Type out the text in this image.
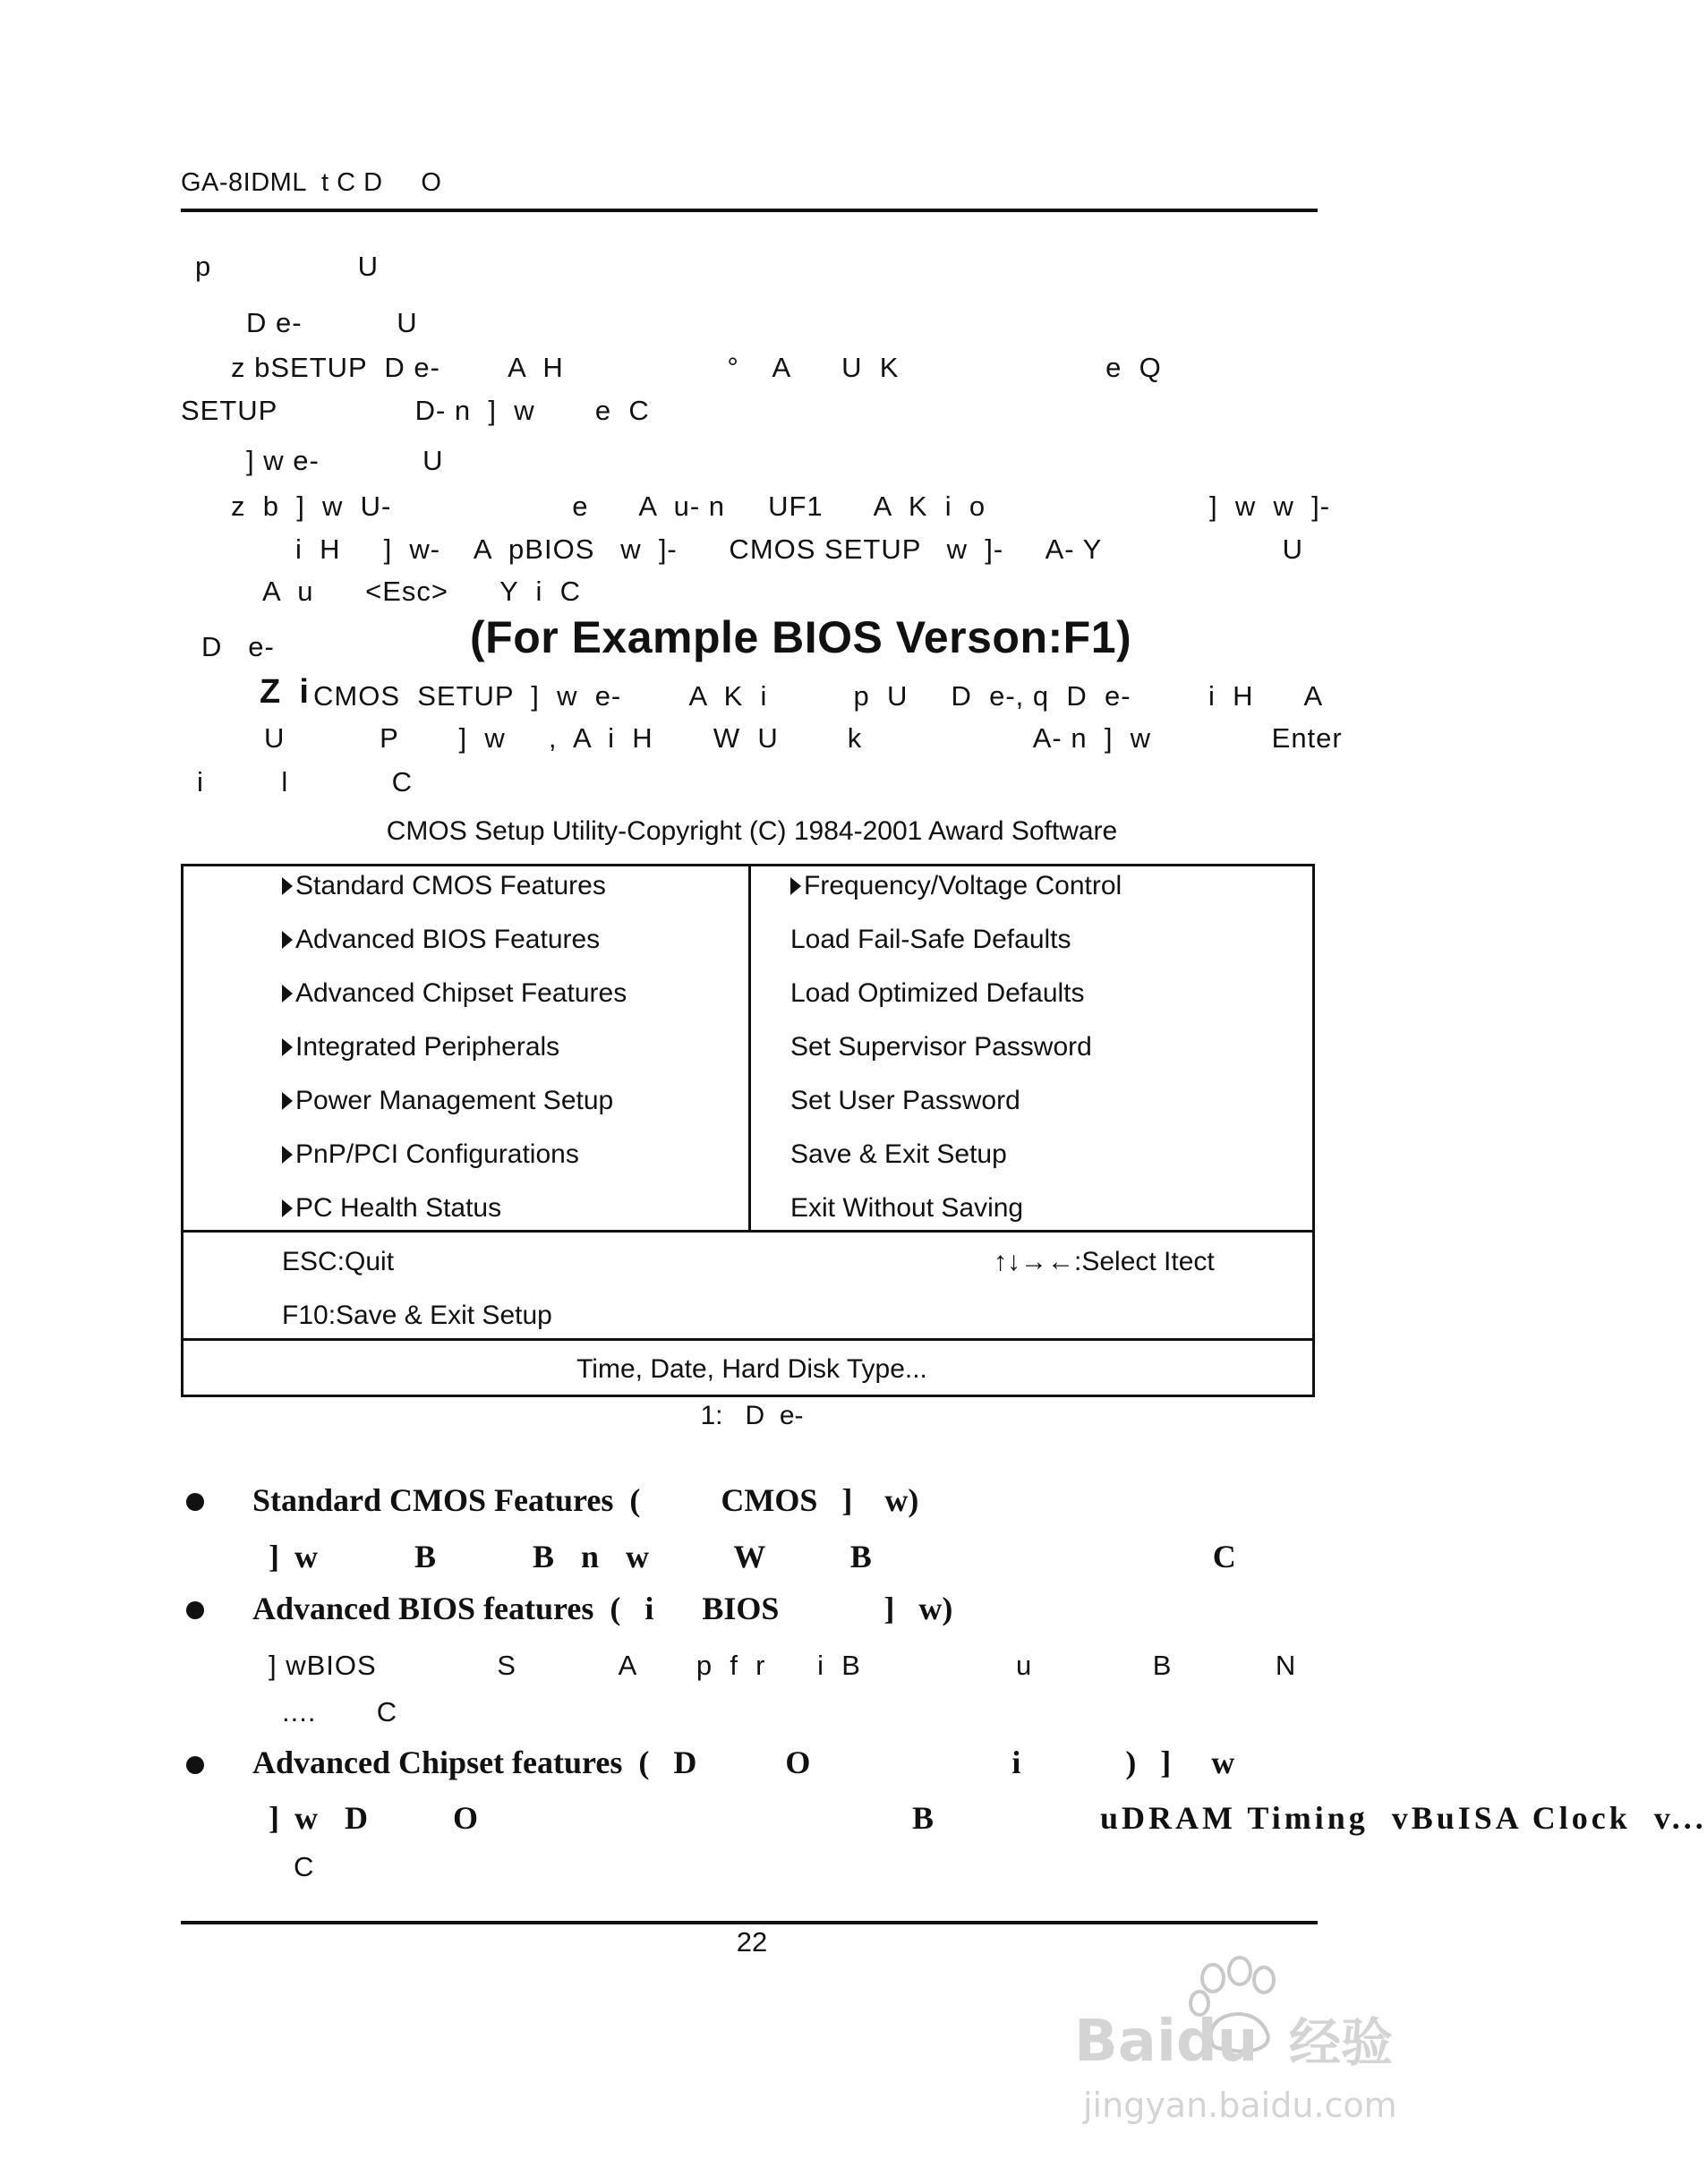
GA-8IDML  t C D     O
p                 U
D e-           U
z bSETUP  D e-        A  H                   °    A      U  K                        e  Q
SETUP                D- n  ]  w       e  C
] w e-            U
z  b  ]  w  U-                     e      A  u- n     UF1      A  K  i  o                          ]  w  w  ]-
i  H     ]  w-    A  pBIOS   w  ]-      CMOS SETUP   w  ]-     A- Y                     U
A  u      <Esc>      Y  i  C
D   e-	(For Example BIOS Verson:F1)
Z  i CMOS  SETUP  ]  w  e-        A  K  i          p  U     D  e-, q  D  e-         i  H      A
U           P       ]  w     ,  A  i  H       W  U        k                    A- n  ]  w              Enter
i         l            C
CMOS Setup Utility-Copyright (C) 1984-2001 Award Software
Standard CMOS Features
Advanced BIOS Features
Advanced Chipset Features
Integrated Peripherals
Power Management Setup
PnP/PCI Configurations
PC Health Status
Frequency/Voltage Control
Load Fail-Safe Defaults
Load Optimized Defaults
Set Supervisor Password
Set User Password
Save & Exit Setup
Exit Without Saving
ESC:Quit	↑↓→←:Select Itect
F10:Save & Exit Setup
Time, Date, Hard Disk Type...
1:   D  e-
Standard CMOS Features  (          CMOS   ]    w)
] w        B        B  n  w       W       B                             C
Advanced BIOS features  (   i      BIOS             ]   w)
] wBIOS              S            A       p  f  r      i  B                  u              B            N
....       C
Advanced Chipset features  (   D           O                         i             )   ]     w
] w  D       O                                     B              uDRAM Timing  vBuISA Clock  v...
C
22
Baidu 经验
jingyan.baidu.com
